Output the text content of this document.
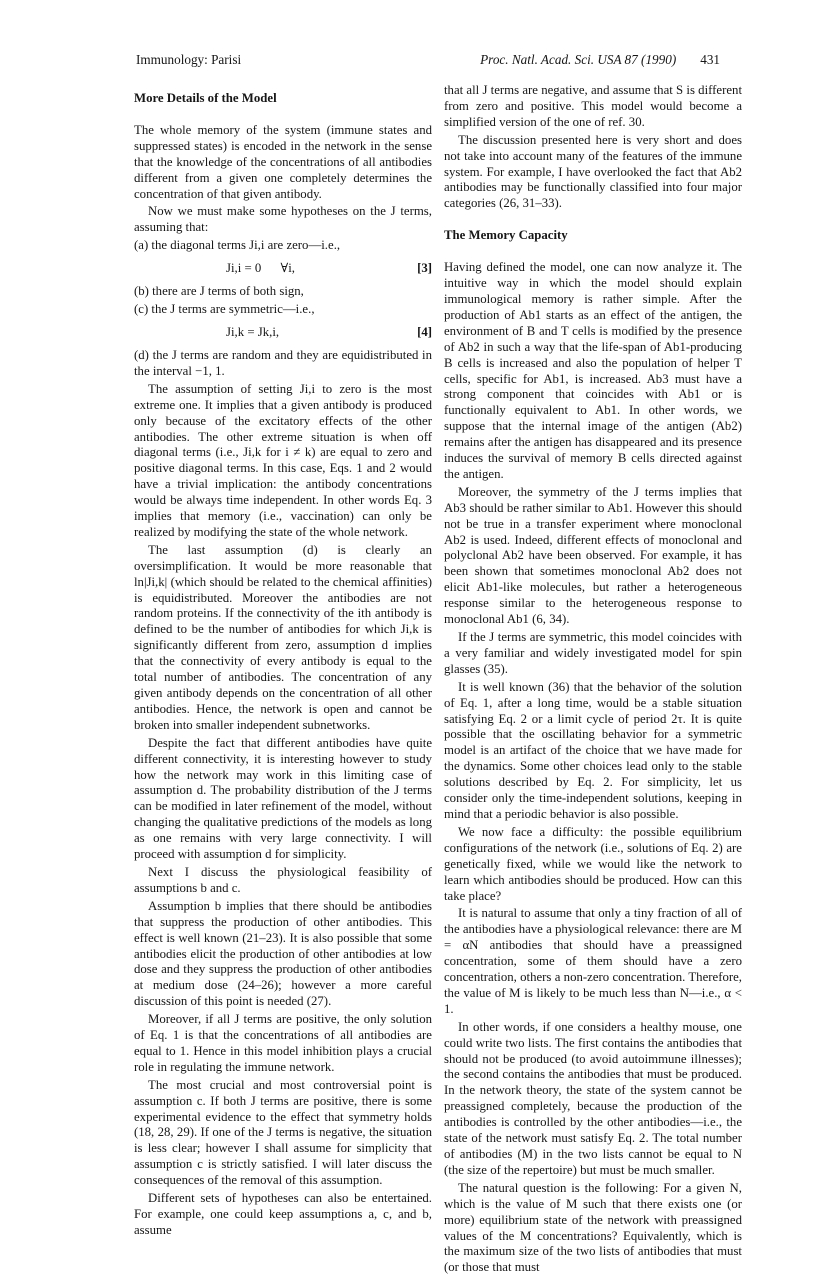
Immunology: Parisi	Proc. Natl. Acad. Sci. USA 87 (1990) 431
More Details of the Model

The whole memory of the system (immune states and suppressed states) is encoded in the network in the sense that the knowledge of the concentrations of all antibodies different from a given one completely determines the concentration of that given antibody.

Now we must make some hypotheses on the J terms, assuming that:

(a) the diagonal terms Ji,i are zero—i.e.,

Ji,i = 0      ∀i,	[3]

(b) there are J terms of both sign,

(c) the J terms are symmetric—i.e.,

Ji,k = Jk,i,	[4]

(d) the J terms are random and they are equidistributed in the interval −1, 1.

The assumption of setting Ji,i to zero is the most extreme one. It implies that a given antibody is produced only because of the excitatory effects of the other antibodies. The other extreme situation is when off diagonal terms (i.e., Ji,k for i ≠ k) are equal to zero and positive diagonal terms. In this case, Eqs. 1 and 2 would have a trivial implication: the antibody concentrations would be always time independent. In other words Eq. 3 implies that memory (i.e., vaccination) can only be realized by modifying the state of the whole network.

The last assumption (d) is clearly an oversimplification. It would be more reasonable that ln|Ji,k| (which should be related to the chemical affinities) is equidistributed. Moreover the antibodies are not random proteins. If the connectivity of the ith antibody is defined to be the number of antibodies for which Ji,k is significantly different from zero, assumption d implies that the connectivity of every antibody is equal to the total number of antibodies. The concentration of any given antibody depends on the concentration of all other antibodies. Hence, the network is open and cannot be broken into smaller independent subnetworks.

Despite the fact that different antibodies have quite different connectivity, it is interesting however to study how the network may work in this limiting case of assumption d. The probability distribution of the J terms can be modified in later refinement of the model, without changing the qualitative predictions of the models as long as one remains with very large connectivity. I will proceed with assumption d for simplicity.

Next I discuss the physiological feasibility of assumptions b and c.

Assumption b implies that there should be antibodies that suppress the production of other antibodies. This effect is well known (21–23). It is also possible that some antibodies elicit the production of other antibodies at low dose and they suppress the production of other antibodies at medium dose (24–26); however a more careful discussion of this point is needed (27).

Moreover, if all J terms are positive, the only solution of Eq. 1 is that the concentrations of all antibodies are equal to 1. Hence in this model inhibition plays a crucial role in regulating the immune network.

The most crucial and most controversial point is assumption c. If both J terms are positive, there is some experimental evidence to the effect that symmetry holds (18, 28, 29). If one of the J terms is negative, the situation is less clear; however I shall assume for simplicity that assumption c is strictly satisfied. I will later discuss the consequences of the removal of this assumption.

Different sets of hypotheses can also be entertained. For example, one could keep assumptions a, c, and b, assume

that all J terms are negative, and assume that S is different from zero and positive. This model would become a simplified version of the one of ref. 30.

The discussion presented here is very short and does not take into account many of the features of the immune system. For example, I have overlooked the fact that Ab2 antibodies may be functionally classified into four major categories (26, 31–33).

The Memory Capacity

Having defined the model, one can now analyze it. The intuitive way in which the model should explain immunological memory is rather simple. After the production of Ab1 starts as an effect of the antigen, the environment of B and T cells is modified by the presence of Ab2 in such a way that the life-span of Ab1-producing B cells is increased and also the population of helper T cells, specific for Ab1, is increased. Ab3 must have a strong component that coincides with Ab1 or is functionally equivalent to Ab1. In other words, we suppose that the internal image of the antigen (Ab2) remains after the antigen has disappeared and its presence induces the survival of memory B cells directed against the antigen.

Moreover, the symmetry of the J terms implies that Ab3 should be rather similar to Ab1. However this should not be true in a transfer experiment where monoclonal Ab2 is used. Indeed, different effects of monoclonal and polyclonal Ab2 have been observed. For example, it has been shown that sometimes monoclonal Ab2 does not elicit Ab1-like molecules, but rather a heterogeneous response similar to the heterogeneous response to monoclonal Ab1 (6, 34).

If the J terms are symmetric, this model coincides with a very familiar and widely investigated model for spin glasses (35).

It is well known (36) that the behavior of the solution of Eq. 1, after a long time, would be a stable situation satisfying Eq. 2 or a limit cycle of period 2τ. It is quite possible that the oscillating behavior for a symmetric model is an artifact of the choice that we have made for the dynamics. Some other choices lead only to the stable solutions described by Eq. 2. For simplicity, let us consider only the time-independent solutions, keeping in mind that a periodic behavior is also possible.

We now face a difficulty: the possible equilibrium configurations of the network (i.e., solutions of Eq. 2) are genetically fixed, while we would like the network to learn which antibodies should be produced. How can this take place?

It is natural to assume that only a tiny fraction of all of the antibodies have a physiological relevance: there are M = αN antibodies that should have a preassigned concentration, some of them should have a zero concentration, others a non-zero concentration. Therefore, the value of M is likely to be much less than N—i.e., α < 1.

In other words, if one considers a healthy mouse, one could write two lists. The first contains the antibodies that should not be produced (to avoid autoimmune illnesses); the second contains the antibodies that must be produced. In the network theory, the state of the system cannot be preassigned completely, because the production of the antibodies is controlled by the other antibodies—i.e., the state of the network must satisfy Eq. 2. The total number of antibodies (M) in the two lists cannot be equal to N (the size of the repertoire) but must be much smaller.

The natural question is the following: For a given N, which is the value of M such that there exists one (or more) equilibrium state of the network with preassigned values of the M concentrations? Equivalently, which is the maximum size of the two lists of antibodies that must (or those that must
